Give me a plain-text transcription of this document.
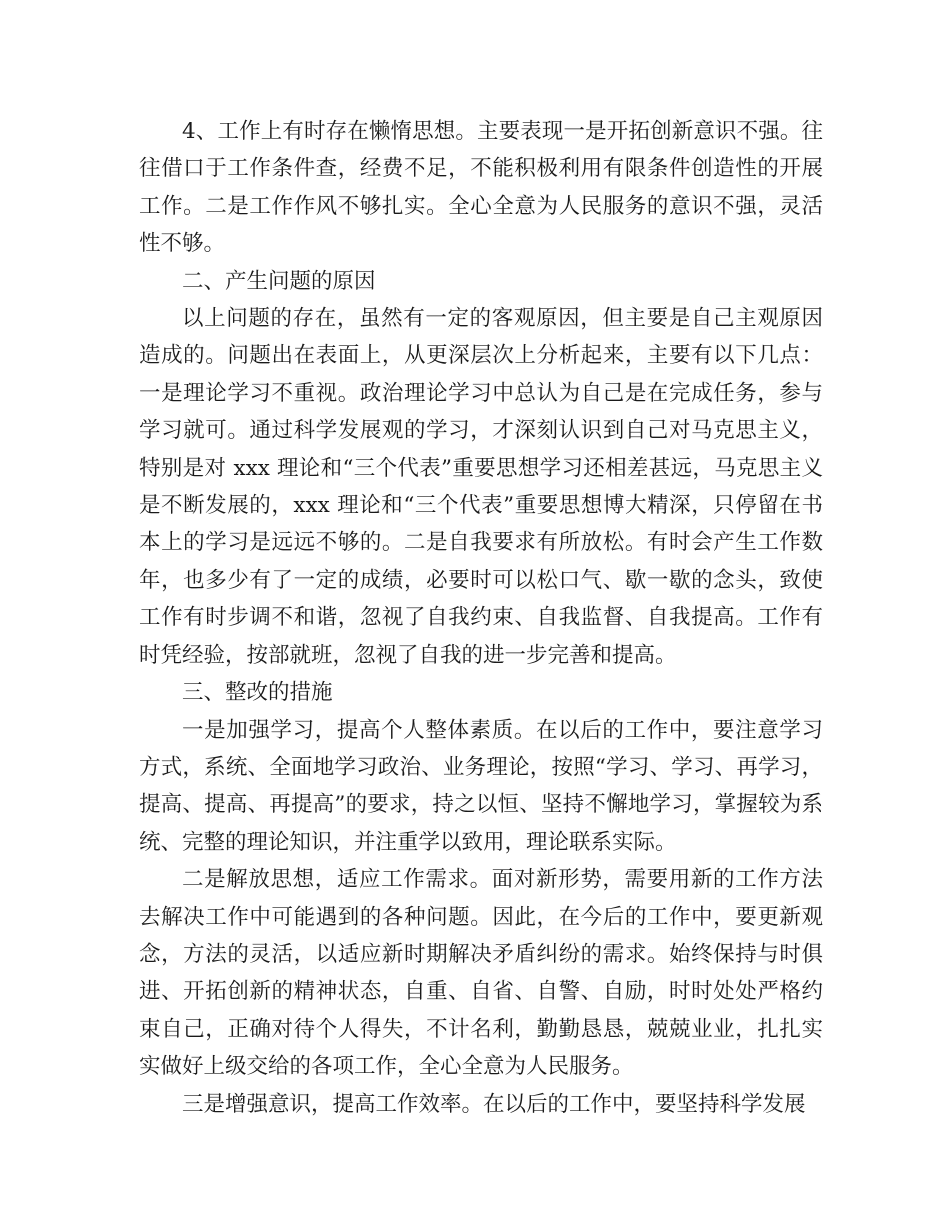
4、工作上有时存在懒惰思想。主要表现一是开拓创新意识不强。往往借口于工作条件查，经费不足，不能积极利用有限条件创造性的开展工作。二是工作作风不够扎实。全心全意为人民服务的意识不强，灵活性不够。

二、产生问题的原因

以上问题的存在，虽然有一定的客观原因，但主要是自己主观原因造成的。问题出在表面上，从更深层次上分析起来，主要有以下几点：一是理论学习不重视。政治理论学习中总认为自己是在完成任务，参与学习就可。通过科学发展观的学习，才深刻认识到自己对马克思主义，特别是对 xxx 理论和“三个代表”重要思想学习还相差甚远，马克思主义是不断发展的，xxx 理论和“三个代表”重要思想博大精深，只停留在书本上的学习是远远不够的。二是自我要求有所放松。有时会产生工作数年，也多少有了一定的成绩，必要时可以松口气、歇一歇的念头，致使工作有时步调不和谐，忽视了自我约束、自我监督、自我提高。工作有时凭经验，按部就班，忽视了自我的进一步完善和提高。

三、整改的措施

一是加强学习，提高个人整体素质。在以后的工作中，要注意学习方式，系统、全面地学习政治、业务理论，按照“学习、学习、再学习，提高、提高、再提高”的要求，持之以恒、坚持不懈地学习，掌握较为系统、完整的理论知识，并注重学以致用，理论联系实际。

二是解放思想，适应工作需求。面对新形势，需要用新的工作方法去解决工作中可能遇到的各种问题。因此，在今后的工作中，要更新观念，方法的灵活，以适应新时期解决矛盾纠纷的需求。始终保持与时俱进、开拓创新的精神状态，自重、自省、自警、自励，时时处处严格约束自己，正确对待个人得失，不计名利，勤勤恳恳，兢兢业业，扎扎实实做好上级交给的各项工作，全心全意为人民服务。

三是增强意识，提高工作效率。在以后的工作中，要坚持科学发展
